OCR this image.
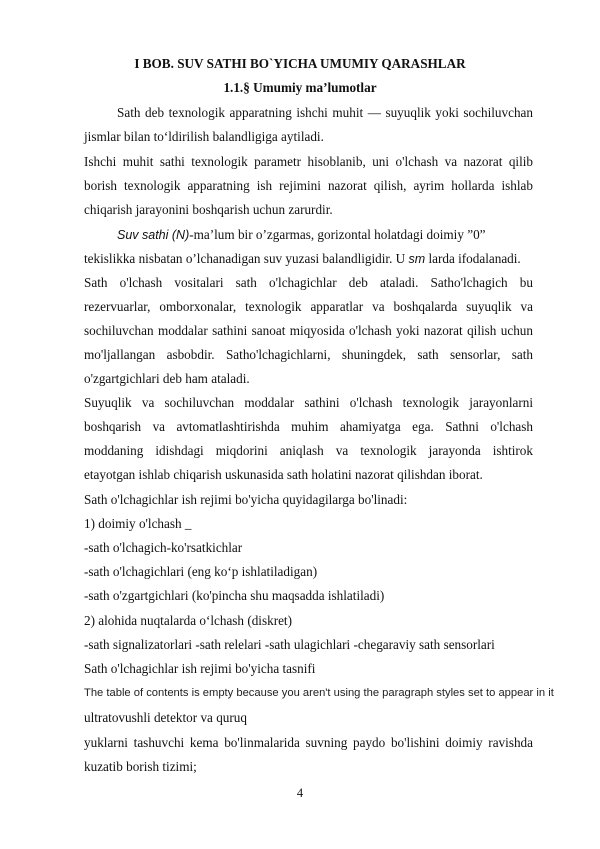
I BOB. SUV SATHI BO`YICHA UMUMIY QARASHLAR
1.1.§ Umumiy ma’lumotlar
Sath deb texnologik apparatning ishchi muhit — suyuqlik yoki sochiluvchan
jismlar bilan to‘ldirilish balandligiga aytiladi.
Ishchi muhit sathi texnologik parametr hisoblanib, uni o'lchash va nazorat qilib
borish texnologik apparatning ish rejimini nazorat qilish, ayrim hollarda ishlab
chiqarish jarayonini boshqarish uchun zarurdir.
Suv sathi (N)-ma’lum bir o’zgarmas, gorizontal holatdagi doimiy ”0”
tekislikka nisbatan o’lchanadigan suv yuzasi balandligidir. U sm larda ifodalanadi.
Sath o'lchash vositalari sath o'lchagichlar deb ataladi. Satho'lchagich bu
rezervuarlar, omborxonalar, texnologik apparatlar va boshqalarda suyuqlik va
sochiluvchan moddalar sathini sanoat miqyosida o'lchash yoki nazorat qilish uchun
mo'ljallangan asbobdir. Satho'lchagichlarni, shuningdek, sath sensorlar, sath
o'zgartgichlari deb ham ataladi.
Suyuqlik va sochiluvchan moddalar sathini o'lchash texnologik jarayonlarni
boshqarish va avtomatlashtirishda muhim ahamiyatga ega. Sathni o'lchash
moddaning idishdagi miqdorini aniqlash va texnologik jarayonda ishtirok
etayotgan ishlab chiqarish uskunasida sath holatini nazorat qilishdan iborat.
Sath o'lchagichlar ish rejimi bo'yicha quyidagilarga bo'linadi:
1) doimiy o'lchash _
-sath o'lchagich-ko'rsatkichlar
-sath o'lchagichlari (eng ko‘p ishlatiladigan)
-sath o'zgartgichlari (ko'pincha shu maqsadda ishlatiladi)
2) alohida nuqtalarda o‘lchash (diskret)
-sath signalizatorlari -sath relelari -sath ulagichlari -chegaraviy sath sensorlari
Sath o'lchagichlar ish rejimi bo'yicha tasnifi
The table of contents is empty because you aren't using the paragraph styles set to appear in it
ultratovushli detektor va quruq
yuklarni tashuvchi kema bo'linmalarida suvning paydo bo'lishini doimiy ravishda
kuzatib borish tizimi;
4
